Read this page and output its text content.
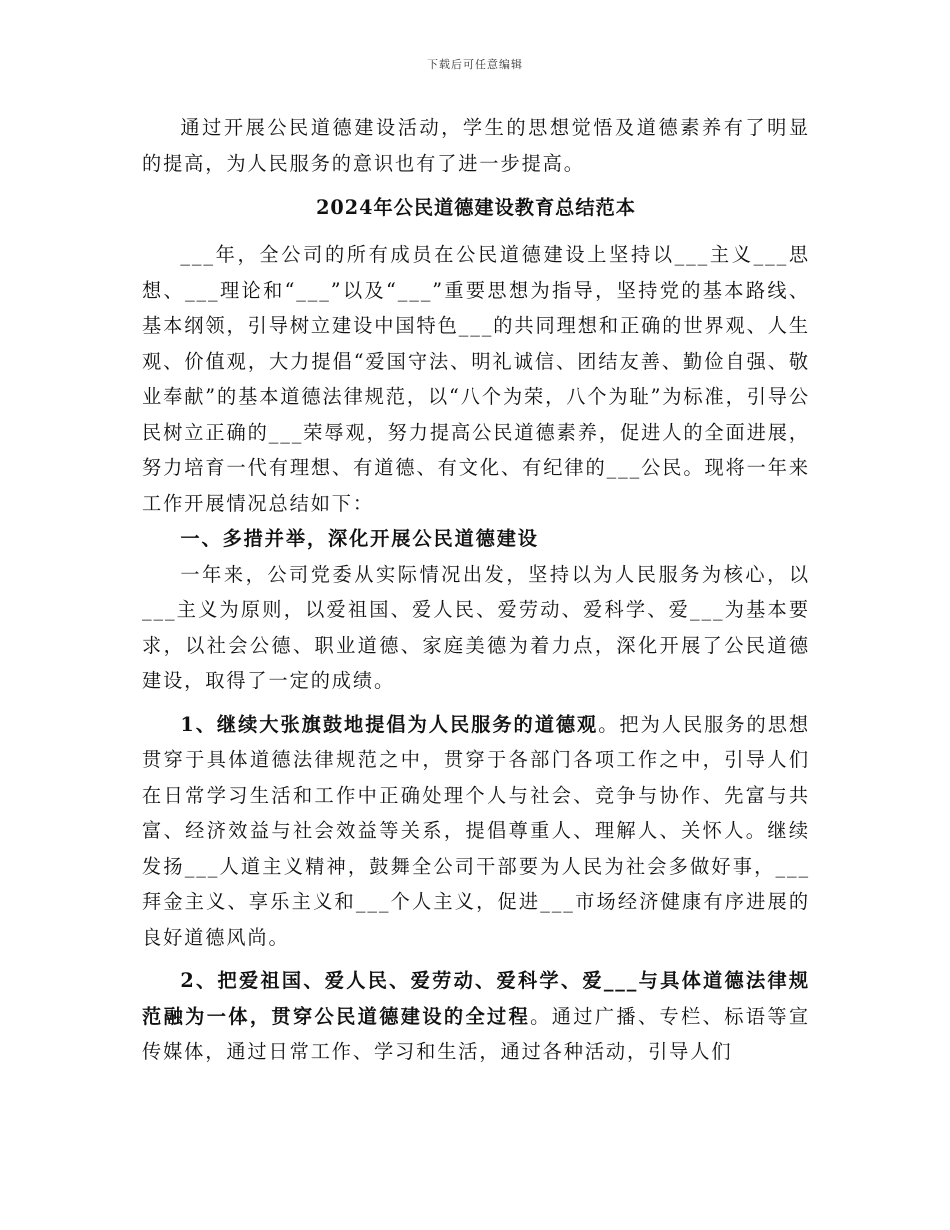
下载后可任意编辑

通过开展公民道德建设活动，学生的思想觉悟及道德素养有了明显的提高，为人民服务的意识也有了进一步提高。

2024年公民道德建设教育总结范本

___年，全公司的所有成员在公民道德建设上坚持以___主义___思想、___理论和“___”以及“___”重要思想为指导，坚持党的基本路线、基本纲领，引导树立建设中国特色___的共同理想和正确的世界观、人生观、价值观，大力提倡“爱国守法、明礼诚信、团结友善、勤俭自强、敬业奉献”的基本道德法律规范，以“八个为荣，八个为耻”为标准，引导公民树立正确的___荣辱观，努力提高公民道德素养，促进人的全面进展，努力培育一代有理想、有道德、有文化、有纪律的___公民。现将一年来工作开展情况总结如下：

一、多措并举，深化开展公民道德建设

一年来，公司党委从实际情况出发，坚持以为人民服务为核心，以___主义为原则，以爱祖国、爱人民、爱劳动、爱科学、爱___为基本要求，以社会公德、职业道德、家庭美德为着力点，深化开展了公民道德建设，取得了一定的成绩。

1、继续大张旗鼓地提倡为人民服务的道德观。把为人民服务的思想贯穿于具体道德法律规范之中，贯穿于各部门各项工作之中，引导人们在日常学习生活和工作中正确处理个人与社会、竞争与协作、先富与共富、经济效益与社会效益等关系，提倡尊重人、理解人、关怀人。继续发扬___人道主义精神，鼓舞全公司干部要为人民为社会多做好事，___拜金主义、享乐主义和___个人主义，促进___市场经济健康有序进展的良好道德风尚。

2、把爱祖国、爱人民、爱劳动、爱科学、爱___与具体道德法律规范融为一体，贯穿公民道德建设的全过程。通过广播、专栏、标语等宣传媒体，通过日常工作、学习和生活，通过各种活动，引导人们
